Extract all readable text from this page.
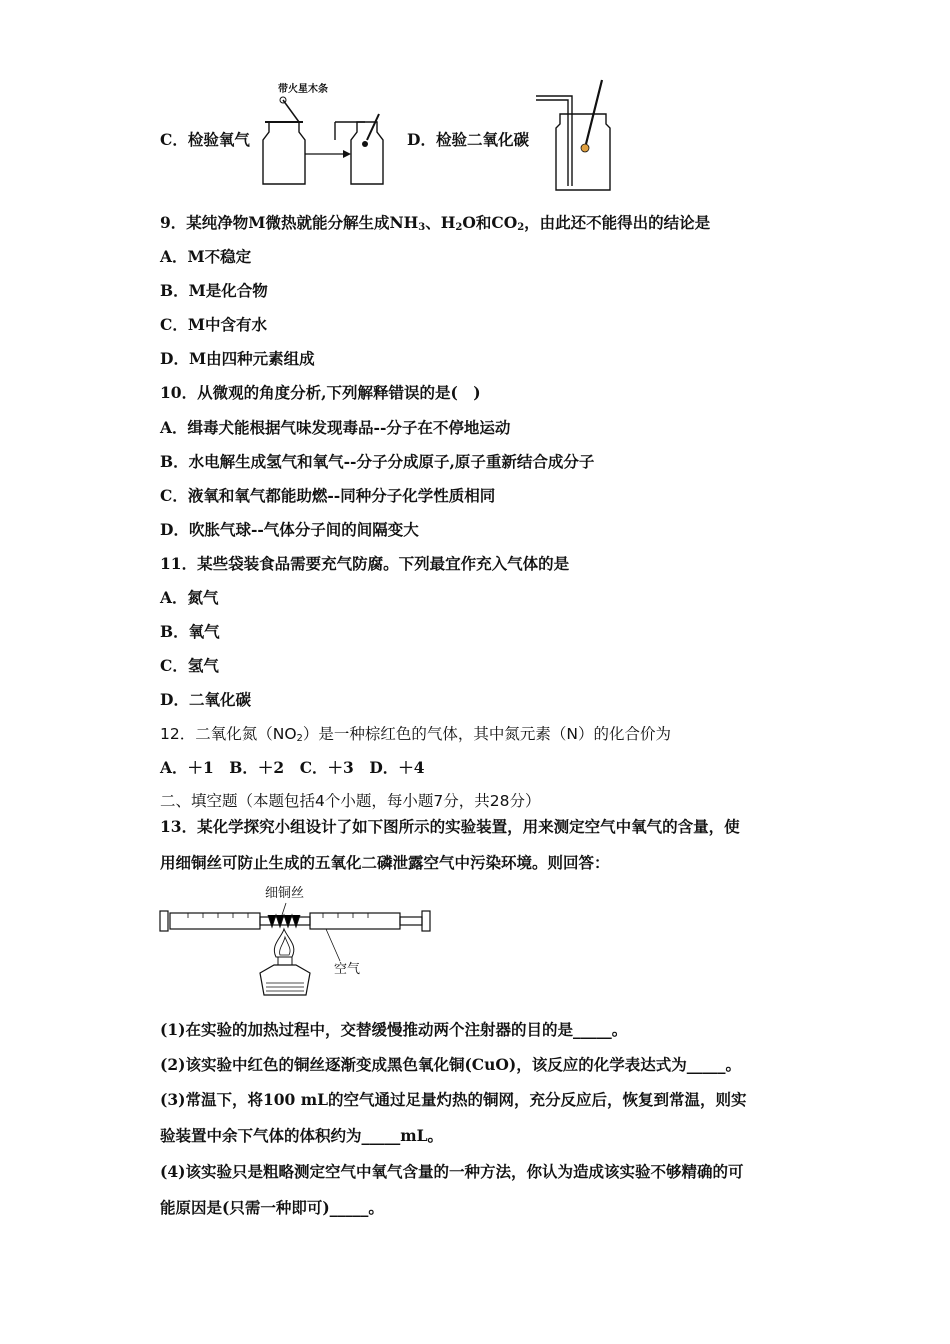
C．检验氧气
带火星木条
D．检验二氧化碳
9．某纯净物M微热就能分解生成$NH_3$、$H_2O$和$CO_2$，由此还不能得出的结论是
A．M不稳定
B．M是化合物
C．M中含有水
D．M由四种元素组成
10．从微观的角度分析,下列解释错误的是(　)
A．缉毒犬能根据气味发现毒品--分子在不停地运动
B．水电解生成氢气和氧气--分子分成原子,原子重新结合成分子
C．液氧和氧气都能助燃--同种分子化学性质相同
D．吹胀气球--气体分子间的间隔变大
11．某些袋装食品需要充气防腐。下列最宜作充入气体的是
A．氮气
B．氧气
C．氢气
D．二氧化碳
12．二氧化氮$(NO_2)$是一种棕红色的气体，其中氮元素（N）的化合价为
A．＋1　B．＋2　C．＋3　D．＋4
二、填空题（本题包括4个小题，每小题7分，共28分）
13．某化学探究小组设计了如下图所示的实验装置，用来测定空气中氧气的含量，使
用细铜丝可防止生成的五氧化二磷泄露空气中污染环境。则回答：
细铜丝
空气
(1)在实验的加热过程中，交替缓慢推动两个注射器的目的是_____。
(2)该实验中红色的铜丝逐渐变成黑色氧化铜(CuO)，该反应的化学表达式为_____。
(3)常温下，将100 mL的空气通过足量灼热的铜网，充分反应后，恢复到常温，则实
验装置中余下气体的体积约为_____mL。
(4)该实验只是粗略测定空气中氧气含量的一种方法，你认为造成该实验不够精确的可
能原因是(只需一种即可)_____。
